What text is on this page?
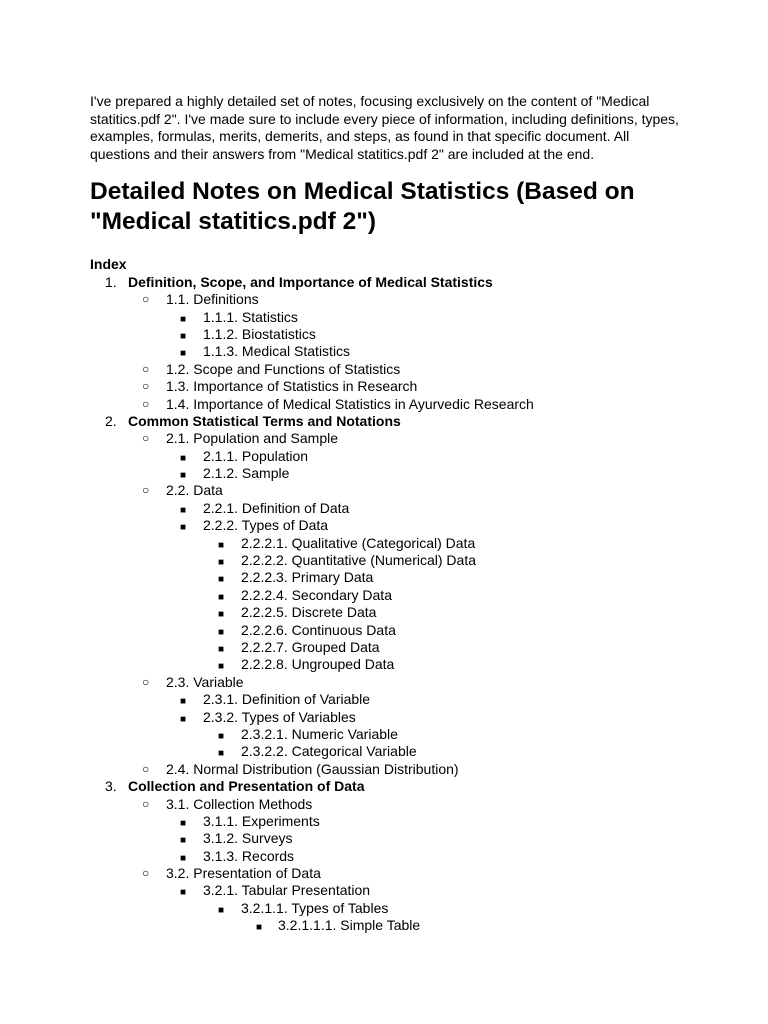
I've prepared a highly detailed set of notes, focusing exclusively on the content of "Medical statitics.pdf 2". I've made sure to include every piece of information, including definitions, types, examples, formulas, merits, demerits, and steps, as found in that specific document. All questions and their answers from "Medical statitics.pdf 2" are included at the end.

Detailed Notes on Medical Statistics (Based on "Medical statitics.pdf 2")
Index
1. Definition, Scope, and Importance of Medical Statistics
○ 1.1. Definitions
■ 1.1.1. Statistics
■ 1.1.2. Biostatistics
■ 1.1.3. Medical Statistics
○ 1.2. Scope and Functions of Statistics
○ 1.3. Importance of Statistics in Research
○ 1.4. Importance of Medical Statistics in Ayurvedic Research
2. Common Statistical Terms and Notations
○ 2.1. Population and Sample
■ 2.1.1. Population
■ 2.1.2. Sample
○ 2.2. Data
■ 2.2.1. Definition of Data
■ 2.2.2. Types of Data
■ 2.2.2.1. Qualitative (Categorical) Data
■ 2.2.2.2. Quantitative (Numerical) Data
■ 2.2.2.3. Primary Data
■ 2.2.2.4. Secondary Data
■ 2.2.2.5. Discrete Data
■ 2.2.2.6. Continuous Data
■ 2.2.2.7. Grouped Data
■ 2.2.2.8. Ungrouped Data
○ 2.3. Variable
■ 2.3.1. Definition of Variable
■ 2.3.2. Types of Variables
■ 2.3.2.1. Numeric Variable
■ 2.3.2.2. Categorical Variable
○ 2.4. Normal Distribution (Gaussian Distribution)
3. Collection and Presentation of Data
○ 3.1. Collection Methods
■ 3.1.1. Experiments
■ 3.1.2. Surveys
■ 3.1.3. Records
○ 3.2. Presentation of Data
■ 3.2.1. Tabular Presentation
■ 3.2.1.1. Types of Tables
■ 3.2.1.1.1. Simple Table
